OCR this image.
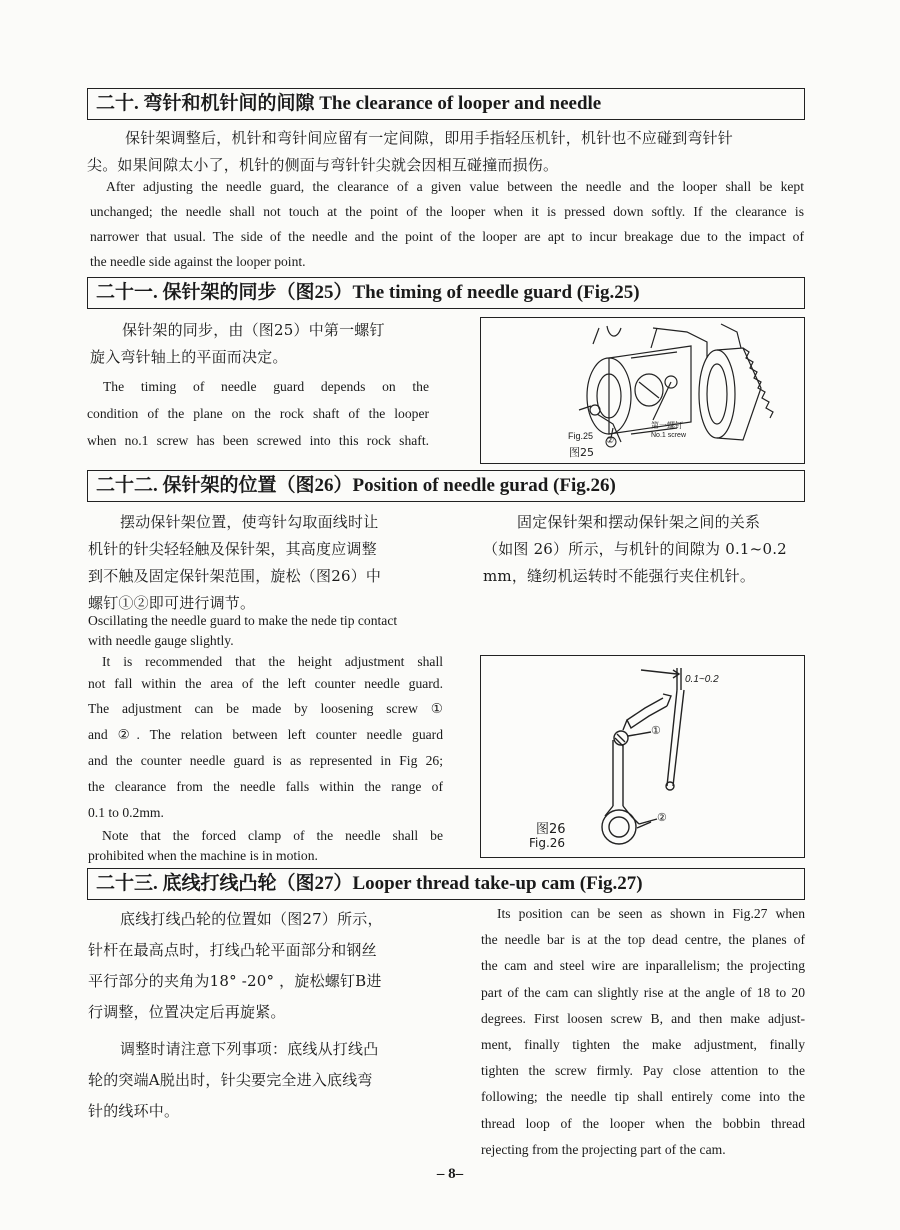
二十. 弯针和机针间的间隙 The clearance of looper and needle
保针架调整后，机针和弯针间应留有一定间隙，即用手指轻压机针，机针也不应碰到弯针针
尖。如果间隙太小了，机针的侧面与弯针针尖就会因相互碰撞而损伤。
After adjusting the needle guard, the clearance of a given value between the needle and the looper shall be kept
unchanged; the needle shall not touch at the point of the looper when it is pressed down softly. If the clearance is
narrower that usual. The side of the needle and the point of the looper are apt to incur breakage due to the impact of
the needle side against the looper point.
二十一. 保针架的同步（图25）The timing of needle guard (Fig.25)
保针架的同步，由（图25）中第一螺钉
旋入弯针轴上的平面而决定。
The timing of needle guard depends on the
condition of the plane on the rock shaft of the looper
when no.1 screw has been screwed into this rock shaft.
第一螺钉
No.1 screw
②
Fig.25
图25
二十二. 保针架的位置（图26）Position of needle gurad (Fig.26)
摆动保针架位置，使弯针勾取面线时让
机针的针尖轻轻触及保针架，其高度应调整
到不触及固定保针架范围，旋松（图26）中
螺钉①②即可进行调节。
固定保针架和摆动保针架之间的关系
（如图 26）所示，与机针的间隙为 0.1~0.2
mm，缝纫机运转时不能强行夹住机针。
Oscillating the needle guard to make the nede tip contact
with needle gauge slightly.
It is recommended that the height adjustment shall
not fall within the area of the left counter needle guard.
The adjustment can be made by loosening screw ①
and ②. The relation between left counter needle guard
and the counter needle guard is as represented in Fig 26;
the clearance from the needle falls within the range of
0.1 to 0.2mm.
Note that the forced clamp of the needle shall be
prohibited when the machine is in motion.
0.1~0.2
①
②
图26
Fig.26
二十三. 底线打线凸轮（图27）Looper thread take-up cam (Fig.27)
底线打线凸轮的位置如（图27）所示，
针杆在最高点时，打线凸轮平面部分和钢丝
平行部分的夹角为18° -20° ，旋松螺钉B进
行调整，位置决定后再旋紧。
调整时请注意下列事项：底线从打线凸
轮的突端A脱出时，针尖要完全进入底线弯
针的线环中。
Its position can be seen as shown in Fig.27 when
the needle bar is at the top dead centre, the planes of
the cam and steel wire are inparallelism; the projecting
part of the cam can slightly rise at the angle of 18 to 20
degrees. First loosen screw B, and then make adjust-
ment, finally tighten the make adjustment, finally
tighten the screw firmly. Pay close attention to the
following; the needle tip shall entirely come into the
thread loop of the looper when the bobbin thread
rejecting from the projecting part of the cam.
– 8–
